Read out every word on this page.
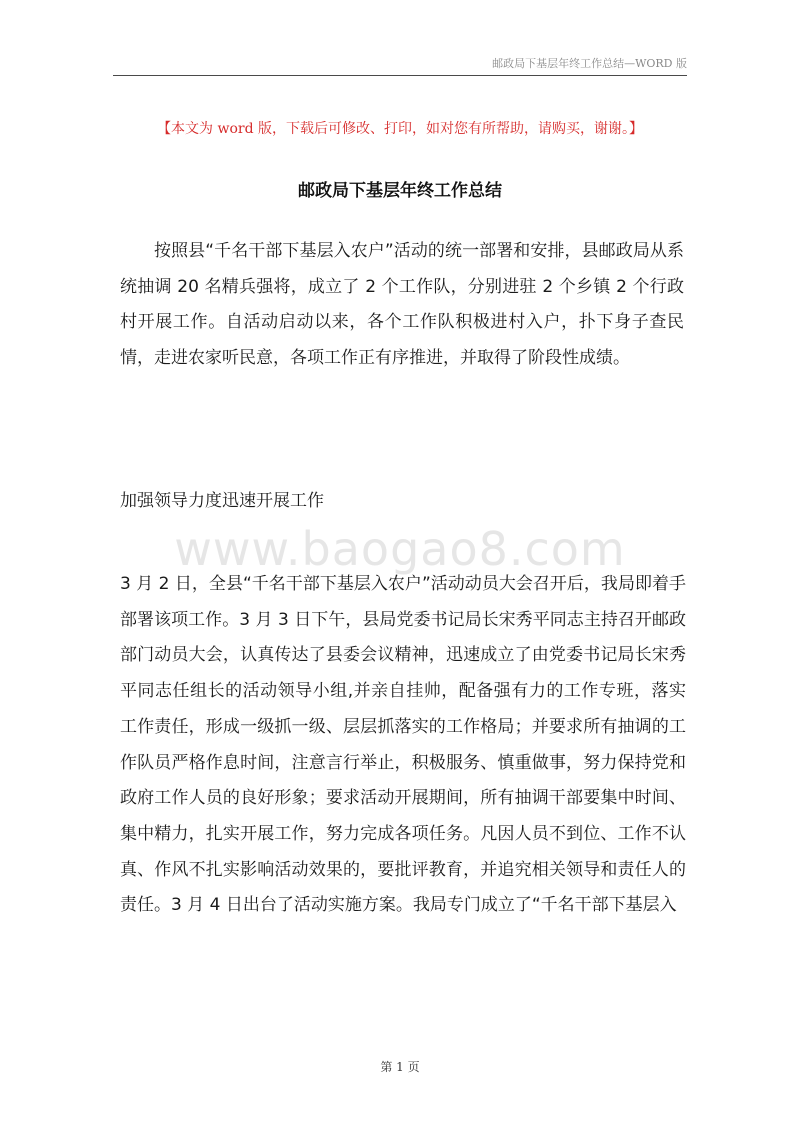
邮政局下基层年终工作总结—WORD 版
【本文为 word 版，下载后可修改、打印，如对您有所帮助，请购买，谢谢。】
邮政局下基层年终工作总结
按照县“千名干部下基层入农户”活动的统一部署和安排，县邮政局从系统抽调 20 名精兵强将，成立了 2 个工作队，分别进驻 2 个乡镇 2 个行政村开展工作。自活动启动以来，各个工作队积极进村入户，扑下身子查民情，走进农家听民意，各项工作正有序推进，并取得了阶段性成绩。
加强领导力度迅速开展工作
www.baogao8.com
3 月 2 日，全县“千名干部下基层入农户”活动动员大会召开后，我局即着手部署该项工作。3 月 3 日下午，县局党委书记局长宋秀平同志主持召开邮政部门动员大会，认真传达了县委会议精神，迅速成立了由党委书记局长宋秀平同志任组长的活动领导小组,并亲自挂帅，配备强有力的工作专班，落实工作责任，形成一级抓一级、层层抓落实的工作格局；并要求所有抽调的工作队员严格作息时间，注意言行举止，积极服务、慎重做事，努力保持党和政府工作人员的良好形象；要求活动开展期间，所有抽调干部要集中时间、集中精力，扎实开展工作，努力完成各项任务。凡因人员不到位、工作不认真、作风不扎实影响活动效果的，要批评教育，并追究相关领导和责任人的责任。3 月 4 日出台了活动实施方案。我局专门成立了“千名干部下基层入
第 1 页
